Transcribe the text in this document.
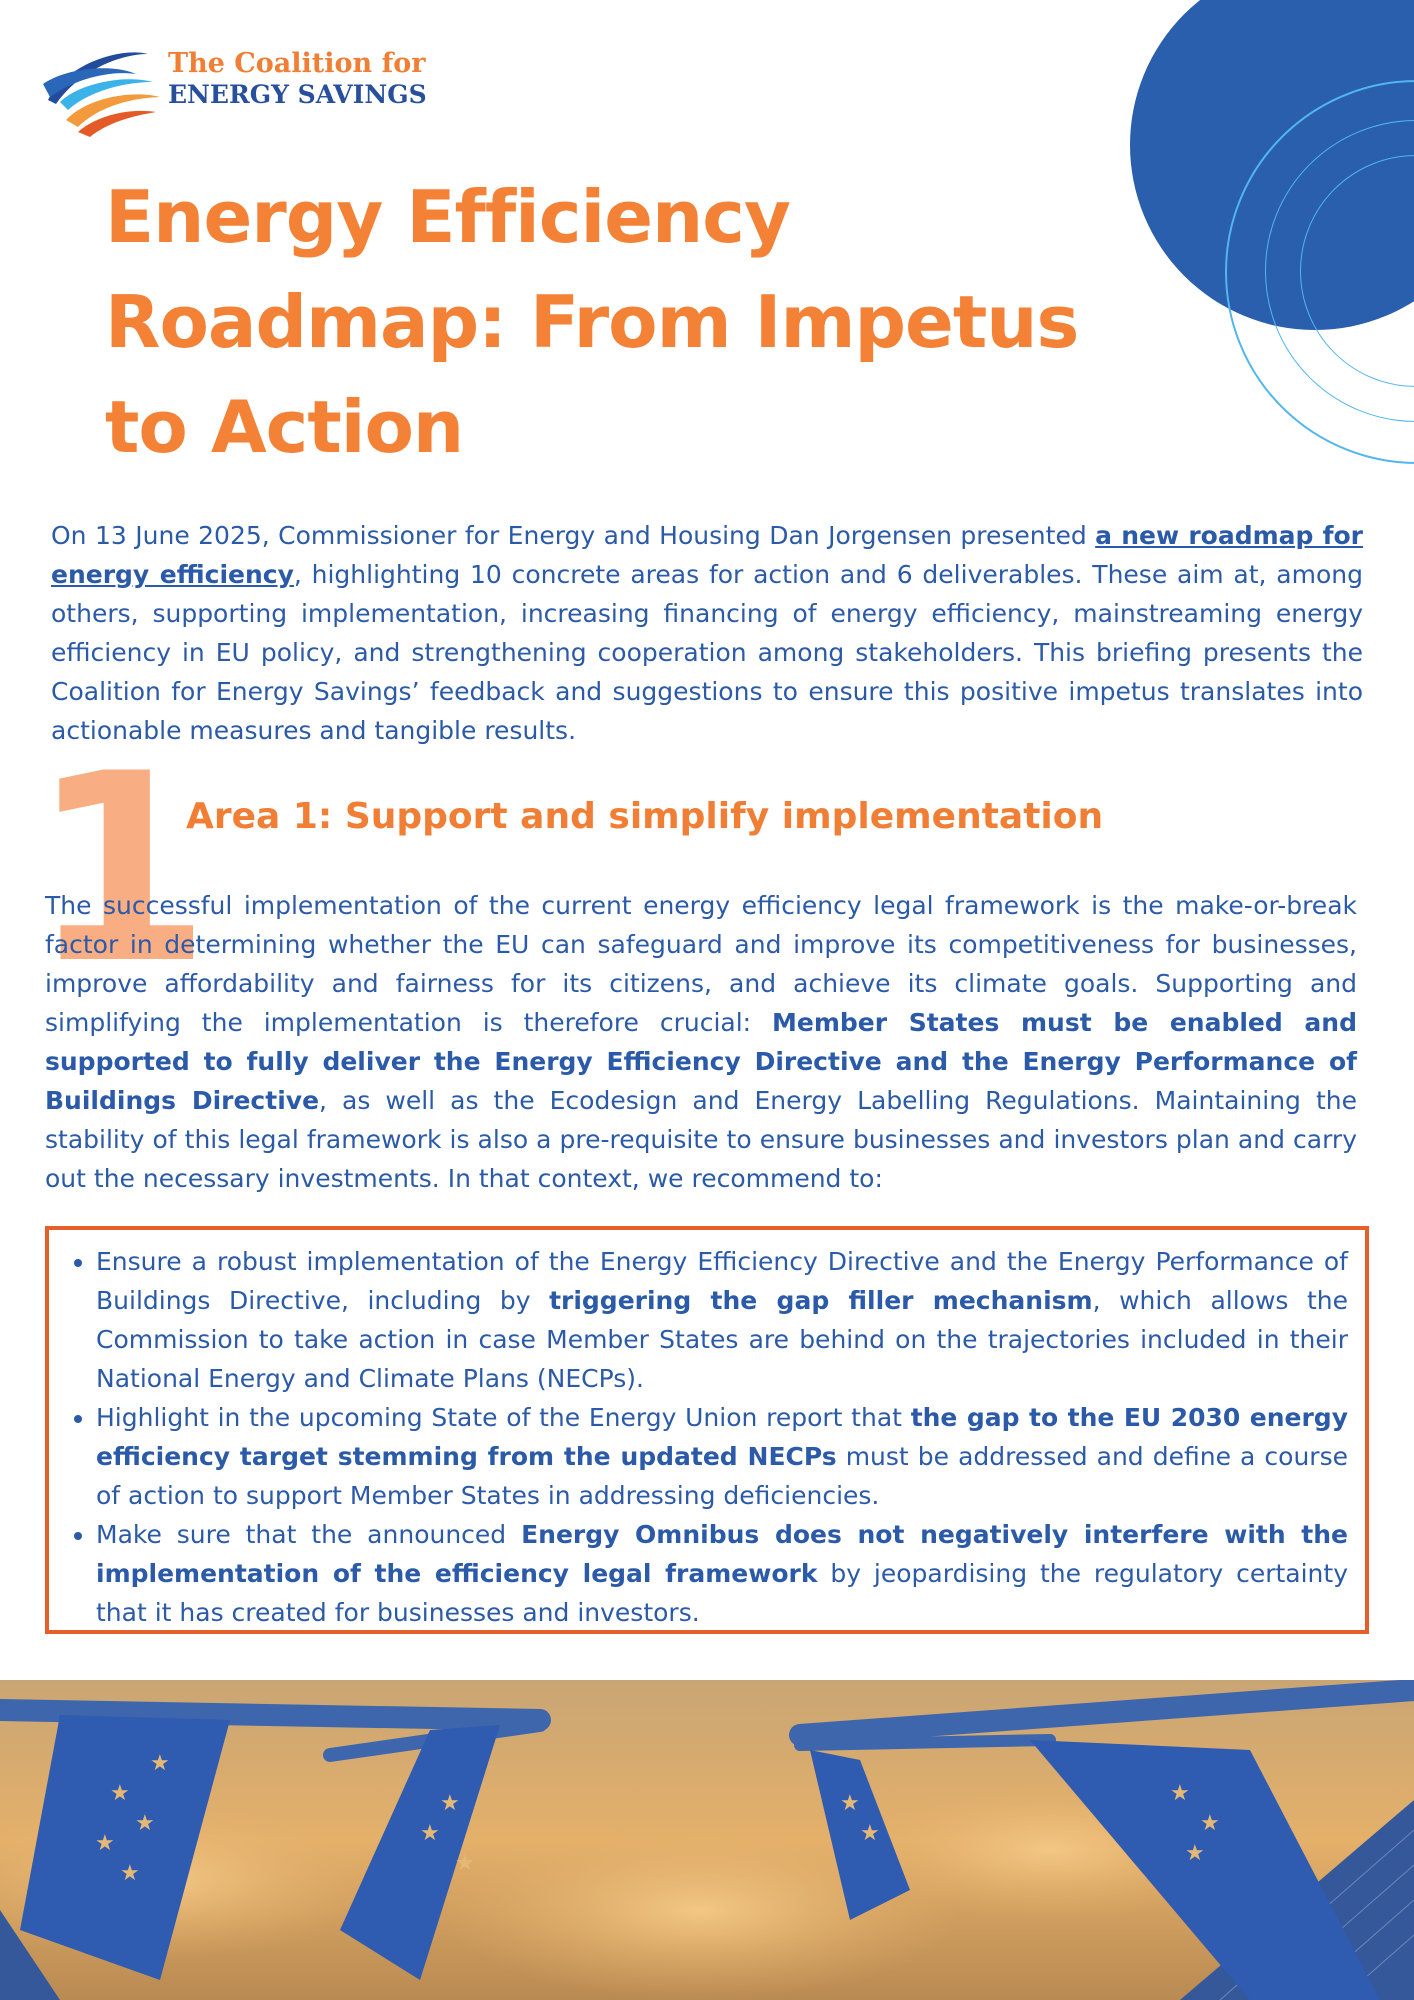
The Coalition for
ENERGY SAVINGS
Energy Efficiency Roadmap: From Impetus to Action

On 13 June 2025, Commissioner for Energy and Housing Dan Jorgensen presented a new roadmap for energy efficiency, highlighting 10 concrete areas for action and 6 deliverables. These aim at, among others, supporting implementation, increasing financing of energy efficiency, mainstreaming energy efficiency in EU policy, and strengthening cooperation among stakeholders. This briefing presents the Coalition for Energy Savings’ feedback and suggestions to ensure this positive impetus translates into actionable measures and tangible results.

1
Area 1: Support and simplify implementation

The successful implementation of the current energy efficiency legal framework is the make-or-break factor in determining whether the EU can safeguard and improve its competitiveness for businesses, improve affordability and fairness for its citizens, and achieve its climate goals. Supporting and simplifying the implementation is therefore crucial: Member States must be enabled and supported to fully deliver the Energy Efficiency Directive and the Energy Performance of Buildings Directive, as well as the Ecodesign and Energy Labelling Regulations. Maintaining the stability of this legal framework is also a pre-requisite to ensure businesses and investors plan and carry out the necessary investments. In that context, we recommend to:

• Ensure a robust implementation of the Energy Efficiency Directive and the Energy Performance of Buildings Directive, including by triggering the gap filler mechanism, which allows the Commission to take action in case Member States are behind on the trajectories included in their National Energy and Climate Plans (NECPs).
• Highlight in the upcoming State of the Energy Union report that the gap to the EU 2030 energy efficiency target stemming from the updated NECPs must be addressed and define a course of action to support Member States in addressing deficiencies.
• Make sure that the announced Energy Omnibus does not negatively interfere with the implementation of the efficiency legal framework by jeopardising the regulatory certainty that it has created for businesses and investors.
★
★
★
★
★
★
★
★
★
★
★
★
★
